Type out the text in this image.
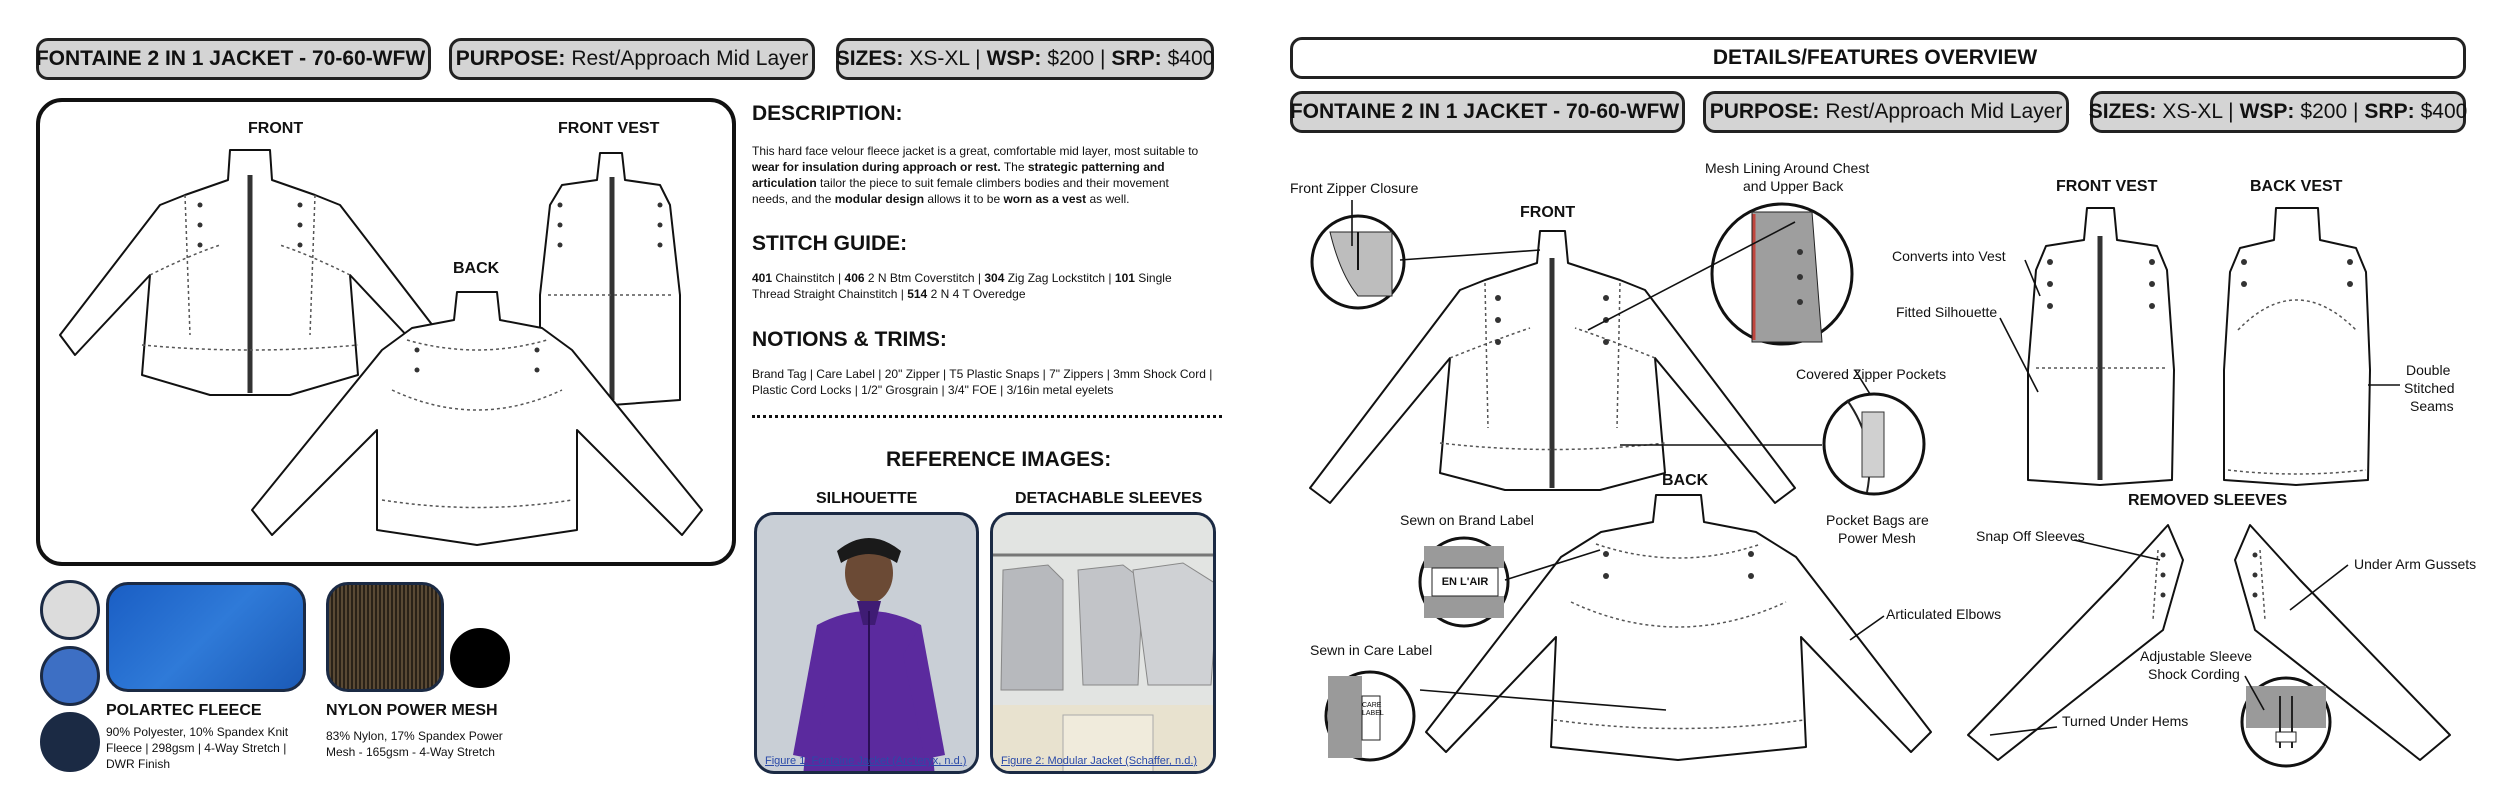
FONTAINE 2 IN 1 JACKET - 70-60-WFW PURPOSE: Rest/Approach Mid Layer SIZES: XS-XL | WSP: $200 | SRP: $400
FRONT	FRONT VEST
BACK
DESCRIPTION:
This hard face velour fleece jacket is a great, comfortable mid layer, most suitable to wear for insulation during approach or rest. The strategic patterning and articulation tailor the piece to suit female climbers bodies and their movement needs, and the modular design allows it to be worn as a vest as well.
STITCH GUIDE:
401 Chainstitch | 406 2 N Btm Coverstitch | 304 Zig Zag Lockstitch | 101 Single Thread Straight Chainstitch | 514 2 N 4 T Overedge
NOTIONS & TRIMS:
Brand Tag | Care Label | 20" Zipper | T5 Plastic Snaps | 7" Zippers | 3mm Shock Cord | Plastic Cord Locks | 1/2" Grosgrain | 3/4" FOE | 3/16in metal eyelets
REFERENCE IMAGES:
SILHOUETTE	DETACHABLE SLEEVES
Figure 1: Fontaine Jacket (Arc'teryx, n.d.)	Figure 2: Modular Jacket (Schaffer, n.d.)
POLARTEC FLEECE
90% Polyester, 10% Spandex Knit Fleece | 298gsm | 4-Way Stretch | DWR Finish
NYLON POWER MESH
83% Nylon, 17% Spandex Power Mesh - 165gsm - 4-Way Stretch
DETAILS/FEATURES OVERVIEW
FONTAINE 2 IN 1 JACKET - 70-60-WFW PURPOSE: Rest/Approach Mid Layer SIZES: XS-XL | WSP: $200 | SRP: $400
FRONT
BACK
FRONT VEST	BACK VEST
REMOVED SLEEVES
EN L'AIR
CARE LABEL
Front Zipper Closure
Mesh Lining Around Chest
and Upper Back
Covered Zipper Pockets
Pocket Bags are
Power Mesh
Sewn on Brand Label
Sewn in Care Label
Articulated Elbows
Converts into Vest
Fitted Silhouette
Double
Stitched
Seams
Snap Off Sleeves
Under Arm Gussets
Adjustable Sleeve
Shock Cording
Turned Under Hems
